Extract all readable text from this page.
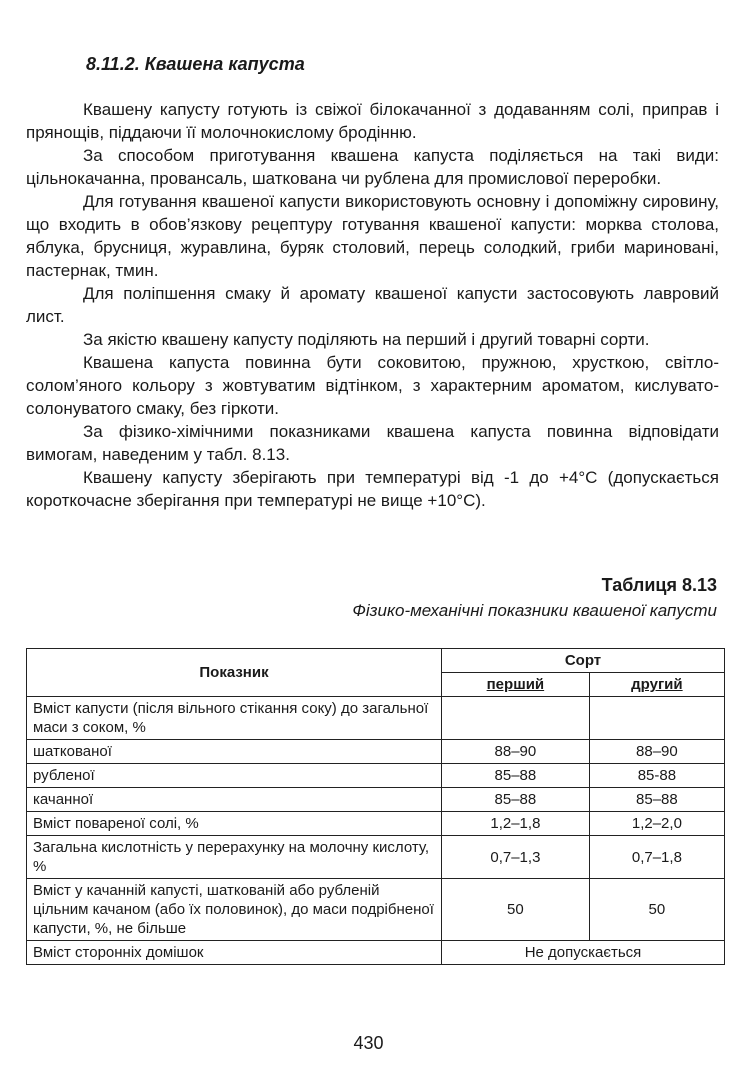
8.11.2. Квашена капуста

Квашену капусту готують із свіжої білокачанної з додаванням солі, приправ і прянощів, піддаючи її молочнокислому бродінню.

За способом приготування квашена капуста поділяється на такі види: цільнокачанна, провансаль, шаткована чи рублена для промислової переробки.

Для готування квашеної капусти використовують основну і допоміжну сировину, що входить в обов’язкову рецептуру готування квашеної капусти: морква столова, яблука, брусниця, журавлина, буряк столовий, перець солодкий, гриби мариновані, пастернак, тмин.

Для поліпшення смаку й аромату квашеної капусти застосовують лавровий лист.

За якістю квашену капусту поділяють на перший і другий товарні сорти.

Квашена капуста повинна бути соковитою, пружною, хрусткою, світло-солом’яного кольору з жовтуватим відтінком, з характерним ароматом, кислувато-солонуватого смаку, без гіркоти.

За фізико-хімічними показниками квашена капуста повинна відповідати вимогам, наведеним у табл. 8.13.

Квашену капусту зберігають при температурі від -1 до +4°С (допускається короткочасне зберігання при температурі не вище +10°С).

Таблиця 8.13

Фізико-механічні показники квашеної капусти

Показник	Сорт	
	перший	другий
Вміст капусти (після вільного стікання соку) до загальної маси з соком, %		
шаткованої	88–90	88–90
рубленої	85–88	85-88
качанної	85–88	85–88
Вміст повареної солі, %	1,2–1,8	1,2–2,0
Загальна кислотність у перерахунку на молочну кислоту, %	0,7–1,3	0,7–1,8
Вміст у качанній капусті, шаткованій або рубленій цільним качаном (або їх половинок), до маси подрібненої капусти, %, не більше	50	50
Вміст сторонніх домішок	Не допускається	

430
